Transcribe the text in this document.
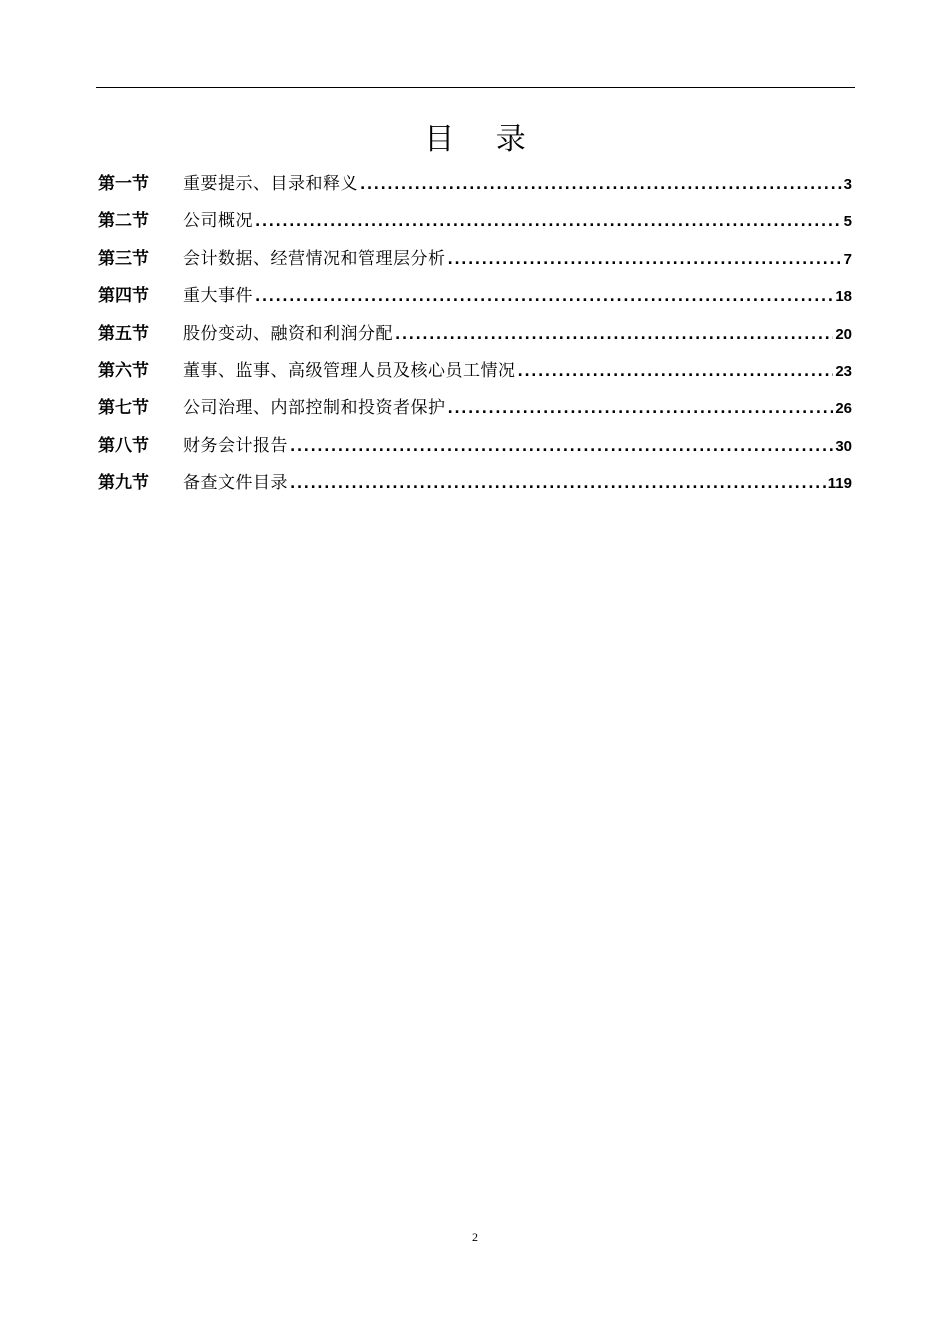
目 录
第一节	重要提示、目录和释义 .....	3
第二节	公司概况 .....	5
第三节	会计数据、经营情况和管理层分析 .....	7
第四节	重大事件 .....	18
第五节	股份变动、融资和利润分配 .....	20
第六节	董事、监事、高级管理人员及核心员工情况 .....	23
第七节	公司治理、内部控制和投资者保护 .....	26
第八节	财务会计报告 .....	30
第九节	备查文件目录 .....	119
2
